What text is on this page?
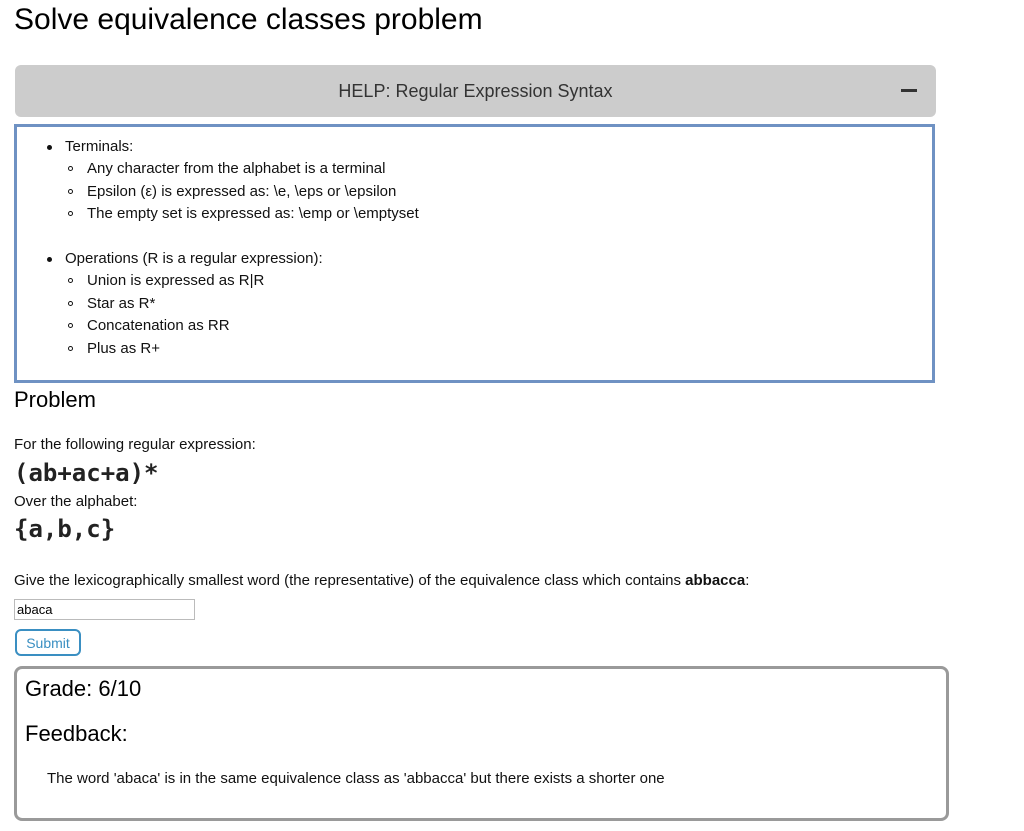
Solve equivalence classes problem
HELP: Regular Expression Syntax
Terminals:
Any character from the alphabet is a terminal
Epsilon (ε) is expressed as: \e, \eps or \epsilon
The empty set is expressed as: \emp or \emptyset
Operations (R is a regular expression):
Union is expressed as R|R
Star as R*
Concatenation as RR
Plus as R+
Problem
For the following regular expression:
(ab+ac+a)*
Over the alphabet:
{a,b,c}
Give the lexicographically smallest word (the representative) of the equivalence class which contains abbacca:
abaca
Submit
Grade: 6/10
Feedback:
The word 'abaca' is in the same equivalence class as 'abbacca' but there exists a shorter one
